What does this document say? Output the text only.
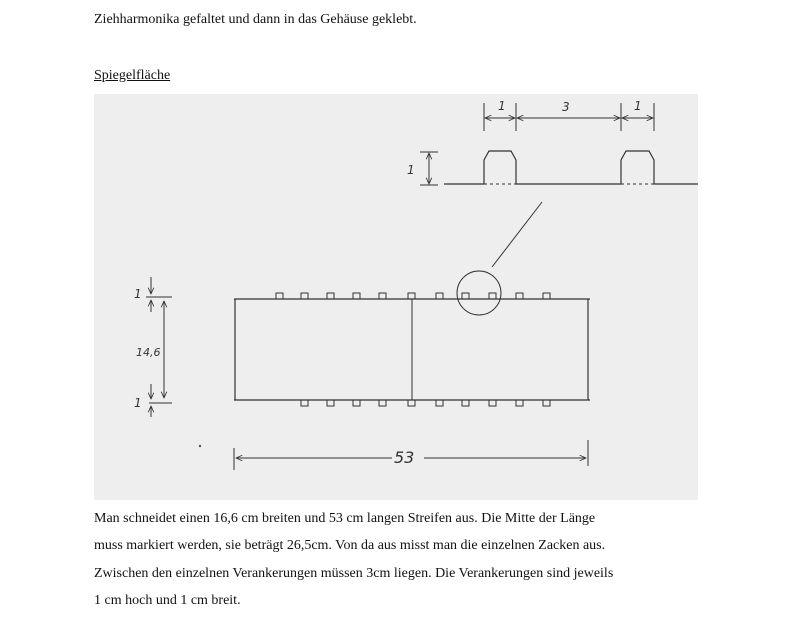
Ziehharmonika gefaltet und dann in das Gehäuse geklebt.
Spiegelfläche
1	3	1
1
1
14,6
1
53
Man schneidet einen 16,6 cm breiten und 53 cm langen Streifen aus. Die Mitte der Länge
muss markiert werden, sie beträgt 26,5cm. Von da aus misst man die einzelnen Zacken aus.
Zwischen den einzelnen Verankerungen müssen 3cm liegen. Die Verankerungen sind jeweils
1 cm hoch und 1 cm breit.
